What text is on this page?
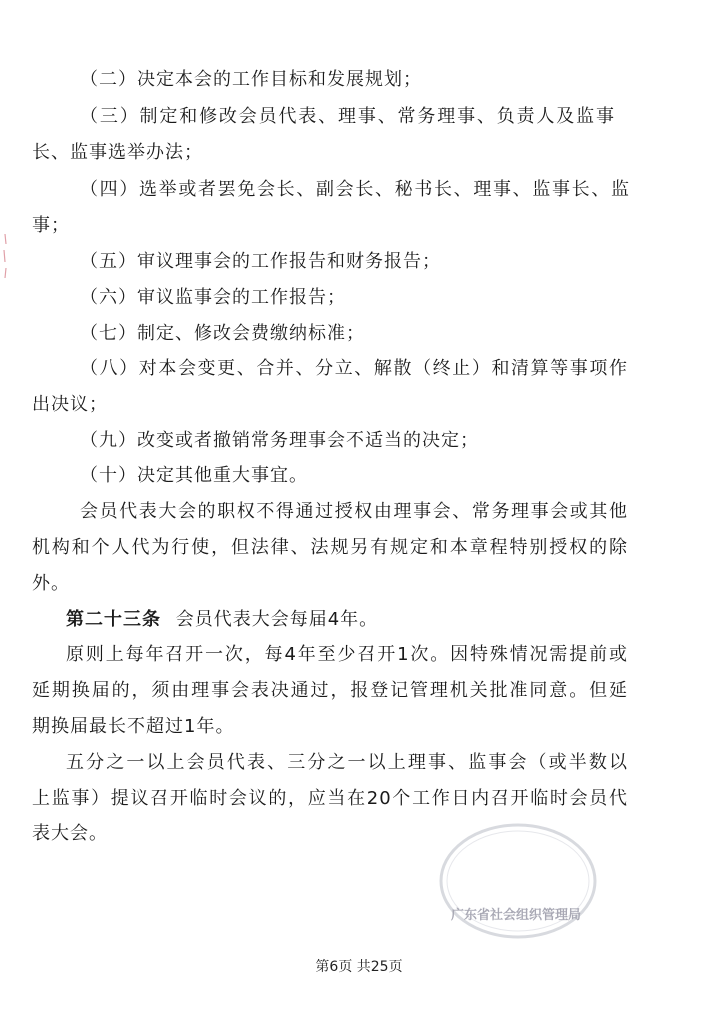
（二）决定本会的工作目标和发展规划；
（三）制定和修改会员代表、理事、常务理事、负责人及监事
长、监事选举办法；
（四）选举或者罢免会长、副会长、秘书长、理事、监事长、监
事；
（五）审议理事会的工作报告和财务报告；
（六）审议监事会的工作报告；
（七）制定、修改会费缴纳标准；
（八）对本会变更、合并、分立、解散（终止）和清算等事项作
出决议；
（九）改变或者撤销常务理事会不适当的决定；
（十）决定其他重大事宜。
会员代表大会的职权不得通过授权由理事会、常务理事会或其他
机构和个人代为行使，但法律、法规另有规定和本章程特别授权的除
外。
第二十三条 会员代表大会每届4年。
原则上每年召开一次，每4年至少召开1次。因特殊情况需提前或
延期换届的，须由理事会表决通过，报登记管理机关批准同意。但延
期换届最长不超过1年。
五分之一以上会员代表、三分之一以上理事、监事会（或半数以
上监事）提议召开临时会议的，应当在20个工作日内召开临时会员代
表大会。
广东省社会组织管理局
第6页 共25页
